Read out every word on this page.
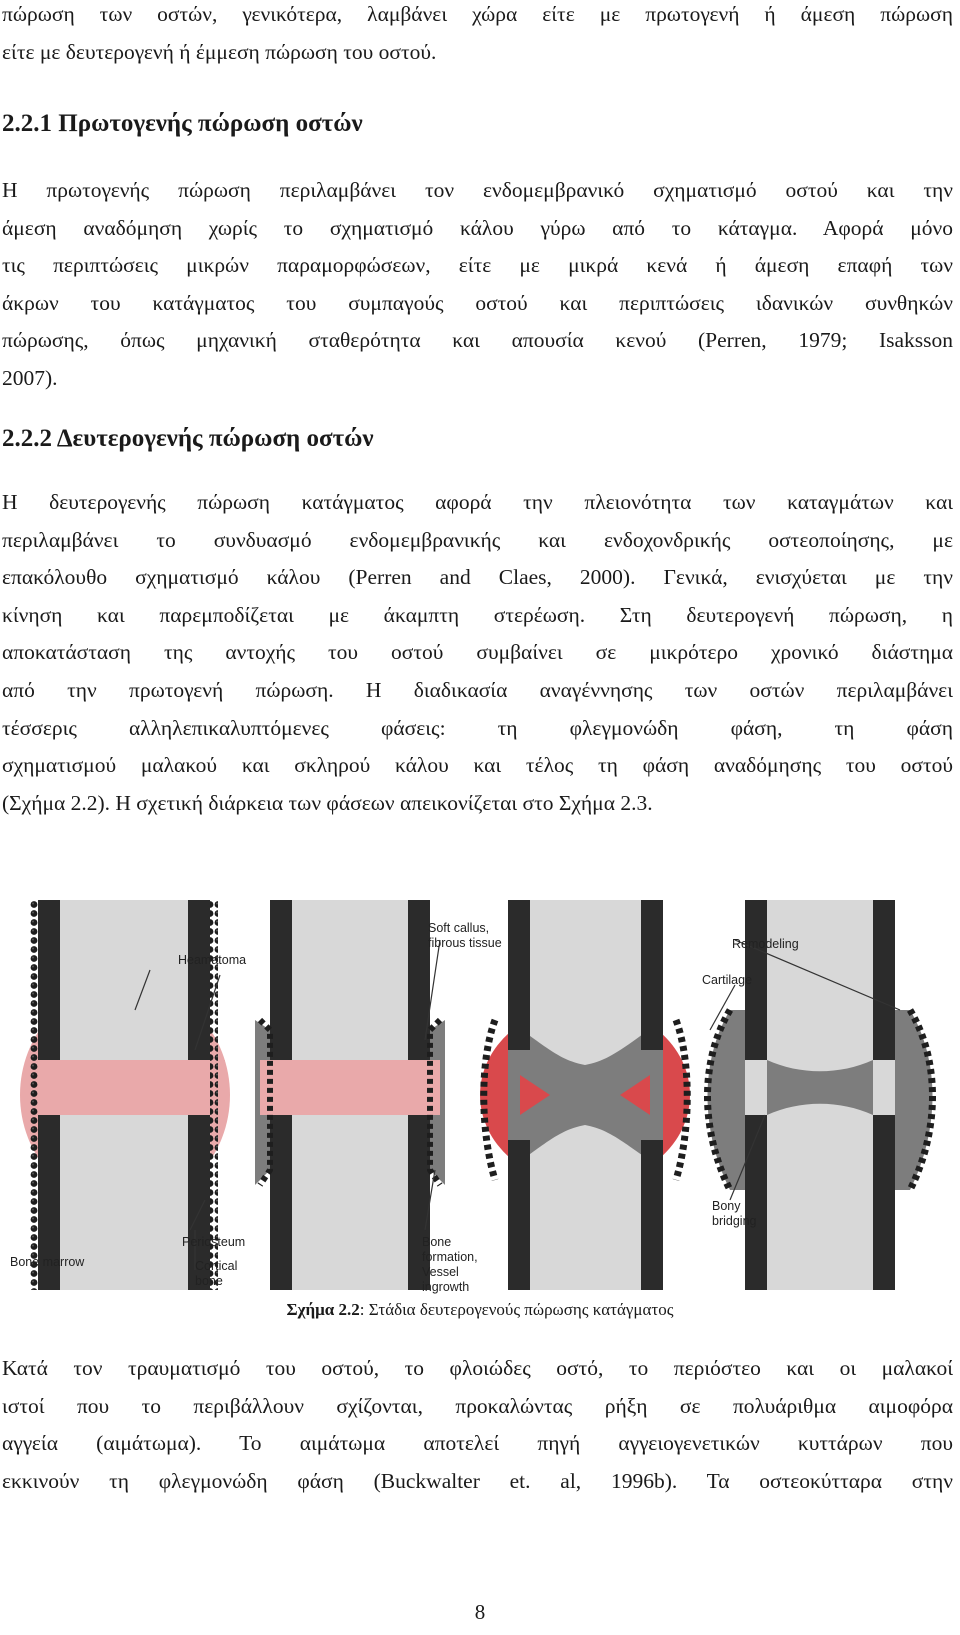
πώρωση των οστών, γενικότερα, λαμβάνει χώρα είτε με πρωτογενή ή άμεση πώρωση
είτε με δευτερογενή ή έμμεση πώρωση του οστού.

2.2.1 Πρωτογενής πώρωση οστών

Η πρωτογενής πώρωση περιλαμβάνει τον ενδομεμβρανικό σχηματισμό οστού και την
άμεση αναδόμηση χωρίς το σχηματισμό κάλου γύρω από το κάταγμα. Αφορά μόνο
τις περιπτώσεις μικρών παραμορφώσεων, είτε με μικρά κενά ή άμεση επαφή των
άκρων του κατάγματος του συμπαγούς οστού και περιπτώσεις ιδανικών συνθηκών
πώρωσης, όπως μηχανική σταθερότητα και απουσία κενού (Perren, 1979; Isaksson
2007).

2.2.2 Δευτερογενής πώρωση οστών

Η δευτερογενής πώρωση κατάγματος αφορά την πλειονότητα των καταγμάτων και
περιλαμβάνει το συνδυασμό ενδομεμβρανικής και ενδοχονδρικής οστεοποίησης, με
επακόλουθο σχηματισμό κάλου (Perren and Claes, 2000). Γενικά, ενισχύεται με την
κίνηση και παρεμποδίζεται με άκαμπτη στερέωση. Στη δευτερογενή πώρωση, η
αποκατάσταση της αντοχής του οστού συμβαίνει σε μικρότερο χρονικό διάστημα
από την πρωτογενή πώρωση. Η διαδικασία αναγέννησης των οστών περιλαμβάνει
τέσσερις αλληλεπικαλυπτόμενες φάσεις: τη φλεγμονώδη φάση, τη φάση
σχηματισμού μαλακού και σκληρού κάλου και τέλος τη φάση αναδόμησης του οστού
(Σχήμα 2.2). Η σχετική διάρκεια των φάσεων απεικονίζεται στο Σχήμα 2.3.

Heamatoma
Soft callus,
fibrous tissue	Remodeling
Cartilage
Periosteum
Bone marrow	Cortical
bone
Bone
formation,
Vessel
ingrowth
Bony
bridging
Σχήμα 2.2: Στάδια δευτερογενούς πώρωσης κατάγματος

Κατά τον τραυματισμό του οστού, το φλοιώδες οστό, το περιόστεο και οι μαλακοί
ιστοί που το περιβάλλουν σχίζονται, προκαλώντας ρήξη σε πολυάριθμα αιμοφόρα
αγγεία (αιμάτωμα). Το αιμάτωμα αποτελεί πηγή αγγειογενετικών κυττάρων που
εκκινούν τη φλεγμονώδη φάση (Buckwalter et. al, 1996b). Τα οστεοκύτταρα στην

8
